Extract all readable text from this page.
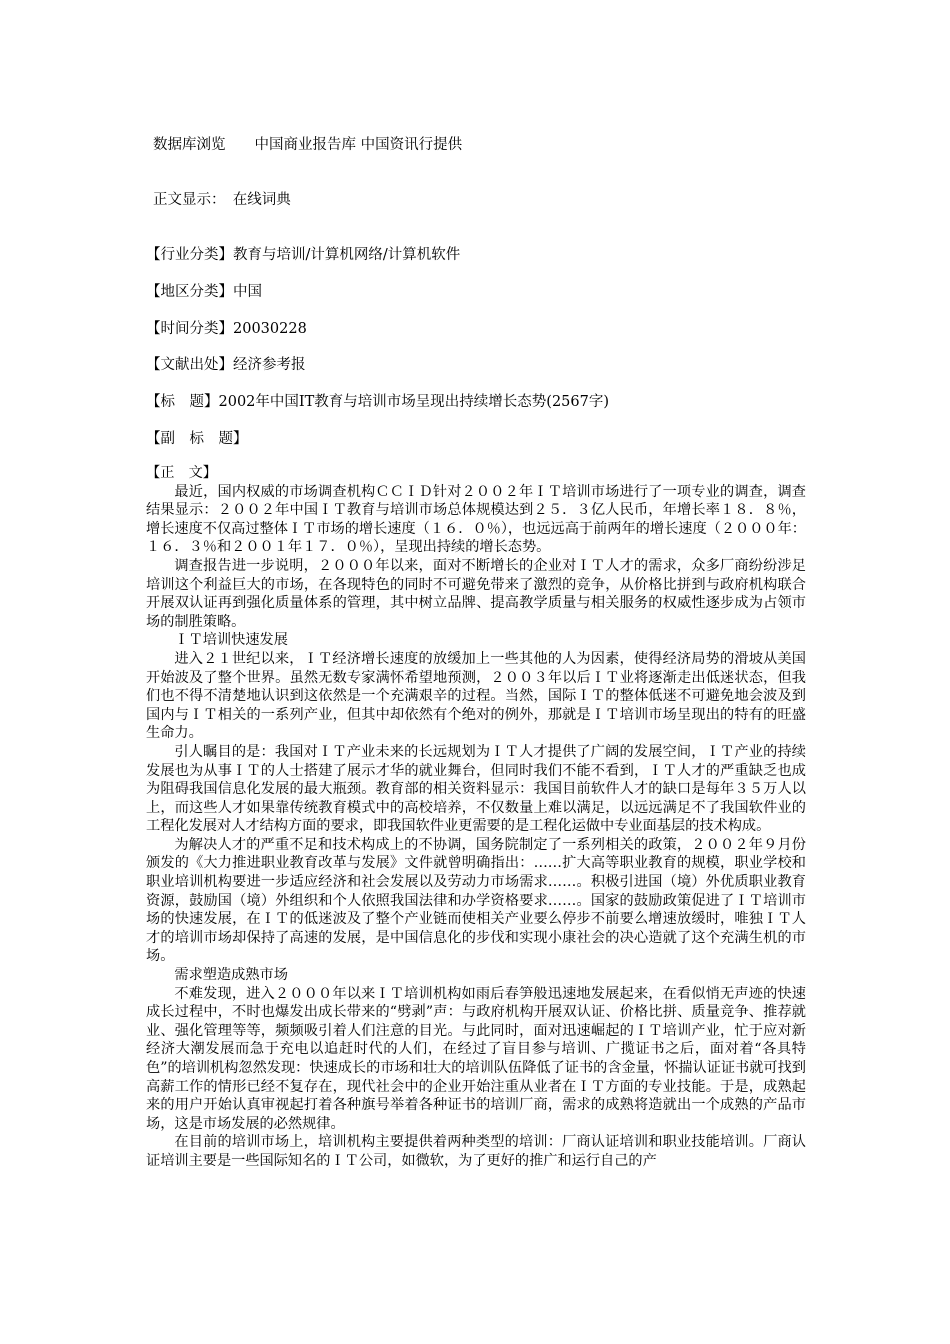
数据库浏览　　中国商业报告库 中国资讯行提供
正文显示：　在线词典
【行业分类】教育与培训/计算机网络/计算机软件
【地区分类】中国
【时间分类】20030228
【文献出处】经济参考报
【标　题】2002年中国IT教育与培训市场呈现出持续增长态势(2567字)
【副　标　题】
【正　文】

最近，国内权威的市场调查机构ＣＣＩＤ针对２００２年ＩＴ培训市场进行了一项专业的调查，调查结果显示：２００２年中国ＩＴ教育与培训市场总体规模达到２５．３亿人民币，年增长率１８．８％，增长速度不仅高过整体ＩＴ市场的增长速度（１６．０％），也远远高于前两年的增长速度（２０００年：１６．３％和２００１年１７．０％），呈现出持续的增长态势。

调查报告进一步说明，２０００年以来，面对不断增长的企业对ＩＴ人才的需求，众多厂商纷纷涉足培训这个利益巨大的市场，在各现特色的同时不可避免带来了激烈的竞争，从价格比拼到与政府机构联合开展双认证再到强化质量体系的管理，其中树立品牌、提高教学质量与相关服务的权威性逐步成为占领市场的制胜策略。

ＩＴ培训快速发展

进入２１世纪以来，ＩＴ经济增长速度的放缓加上一些其他的人为因素，使得经济局势的滑坡从美国开始波及了整个世界。虽然无数专家满怀希望地预测，２００３年以后ＩＴ业将逐渐走出低迷状态，但我们也不得不清楚地认识到这依然是一个充满艰辛的过程。当然，国际ＩＴ的整体低迷不可避免地会波及到国内与ＩＴ相关的一系列产业，但其中却依然有个绝对的例外，那就是ＩＴ培训市场呈现出的特有的旺盛生命力。

引人瞩目的是：我国对ＩＴ产业未来的长远规划为ＩＴ人才提供了广阔的发展空间，ＩＴ产业的持续发展也为从事ＩＴ的人士搭建了展示才华的就业舞台，但同时我们不能不看到，ＩＴ人才的严重缺乏也成为阻碍我国信息化发展的最大瓶颈。教育部的相关资料显示：我国目前软件人才的缺口是每年３５万人以上，而这些人才如果靠传统教育模式中的高校培养，不仅数量上难以满足，以远远满足不了我国软件业的工程化发展对人才结构方面的要求，即我国软件业更需要的是工程化运做中专业面基层的技术构成。

为解决人才的严重不足和技术构成上的不协调，国务院制定了一系列相关的政策，２００２年９月份颁发的《大力推进职业教育改革与发展》文件就曾明确指出：……扩大高等职业教育的规模，职业学校和职业培训机构要进一步适应经济和社会发展以及劳动力市场需求……。积极引进国（境）外优质职业教育资源，鼓励国（境）外组织和个人依照我国法律和办学资格要求……。国家的鼓励政策促进了ＩＴ培训市场的快速发展，在ＩＴ的低迷波及了整个产业链而使相关产业要么停步不前要么增速放缓时，唯独ＩＴ人才的培训市场却保持了高速的发展，是中国信息化的步伐和实现小康社会的决心造就了这个充满生机的市场。

需求塑造成熟市场

不难发现，进入２０００年以来ＩＴ培训机构如雨后春笋般迅速地发展起来，在看似悄无声迹的快速成长过程中，不时也爆发出成长带来的“劈剥”声：与政府机构开展双认证、价格比拼、质量竞争、推荐就业、强化管理等等，频频吸引着人们注意的目光。与此同时，面对迅速崛起的ＩＴ培训产业，忙于应对新经济大潮发展而急于充电以追赶时代的人们，在经过了盲目参与培训、广揽证书之后，面对着“各具特色”的培训机构忽然发现：快速成长的市场和壮大的培训队伍降低了证书的含金量，怀揣认证证书就可找到高薪工作的情形已经不复存在，现代社会中的企业开始注重从业者在ＩＴ方面的专业技能。于是，成熟起来的用户开始认真审视起打着各种旗号举着各种证书的培训厂商，需求的成熟将造就出一个成熟的产品市场，这是市场发展的必然规律。

在目前的培训市场上，培训机构主要提供着两种类型的培训：厂商认证培训和职业技能培训。厂商认证培训主要是一些国际知名的ＩＴ公司，如微软，为了更好的推广和运行自己的产
